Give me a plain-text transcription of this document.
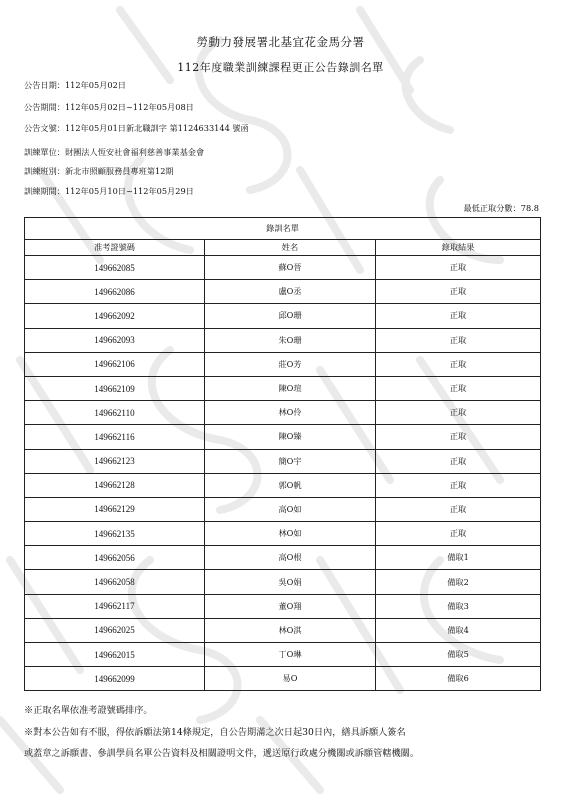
勞動力發展署北基宜花金馬分署
112年度職業訓練課程更正公告錄訓名單
公告日期：112年05月02日
公告期間：112年05月02日~112年05月08日
公告文號：112年05月01日新北職訓字 第1124633144 號函
訓練單位：財團法人恆安社會福利慈善事業基金會
訓練班別：新北市照顧服務員專班第12期
訓練期間：112年05月10日~112年05月29日
最低正取分數：78.8
錄訓名單		
准考證號碼	姓名	錄取結果
149662085	蘇O晉	正取
149662086	盧O丞	正取
149662092	邱O珊	正取
149662093	朱O珊	正取
149662106	莊O芳	正取
149662109	陳O瑄	正取
149662110	林O伶	正取
149662116	陳O臻	正取
149662123	簡O宇	正取
149662128	郭O帆	正取
149662129	高O如	正取
149662135	林O如	正取
149662056	高O根	備取1
149662058	吳O娟	備取2
149662117	董O翔	備取3
149662025	林O淇	備取4
149662015	丁O琳	備取5
149662099	易O	備取6
※正取名單依准考證號碼排序。
※對本公告如有不服，得依訴願法第14條規定，自公告期滿之次日起30日內，繕具訴願人簽名
或蓋章之訴願書、參訓學員名單公告資料及相關證明文件，遞送原行政處分機關或訴願管轄機關。
